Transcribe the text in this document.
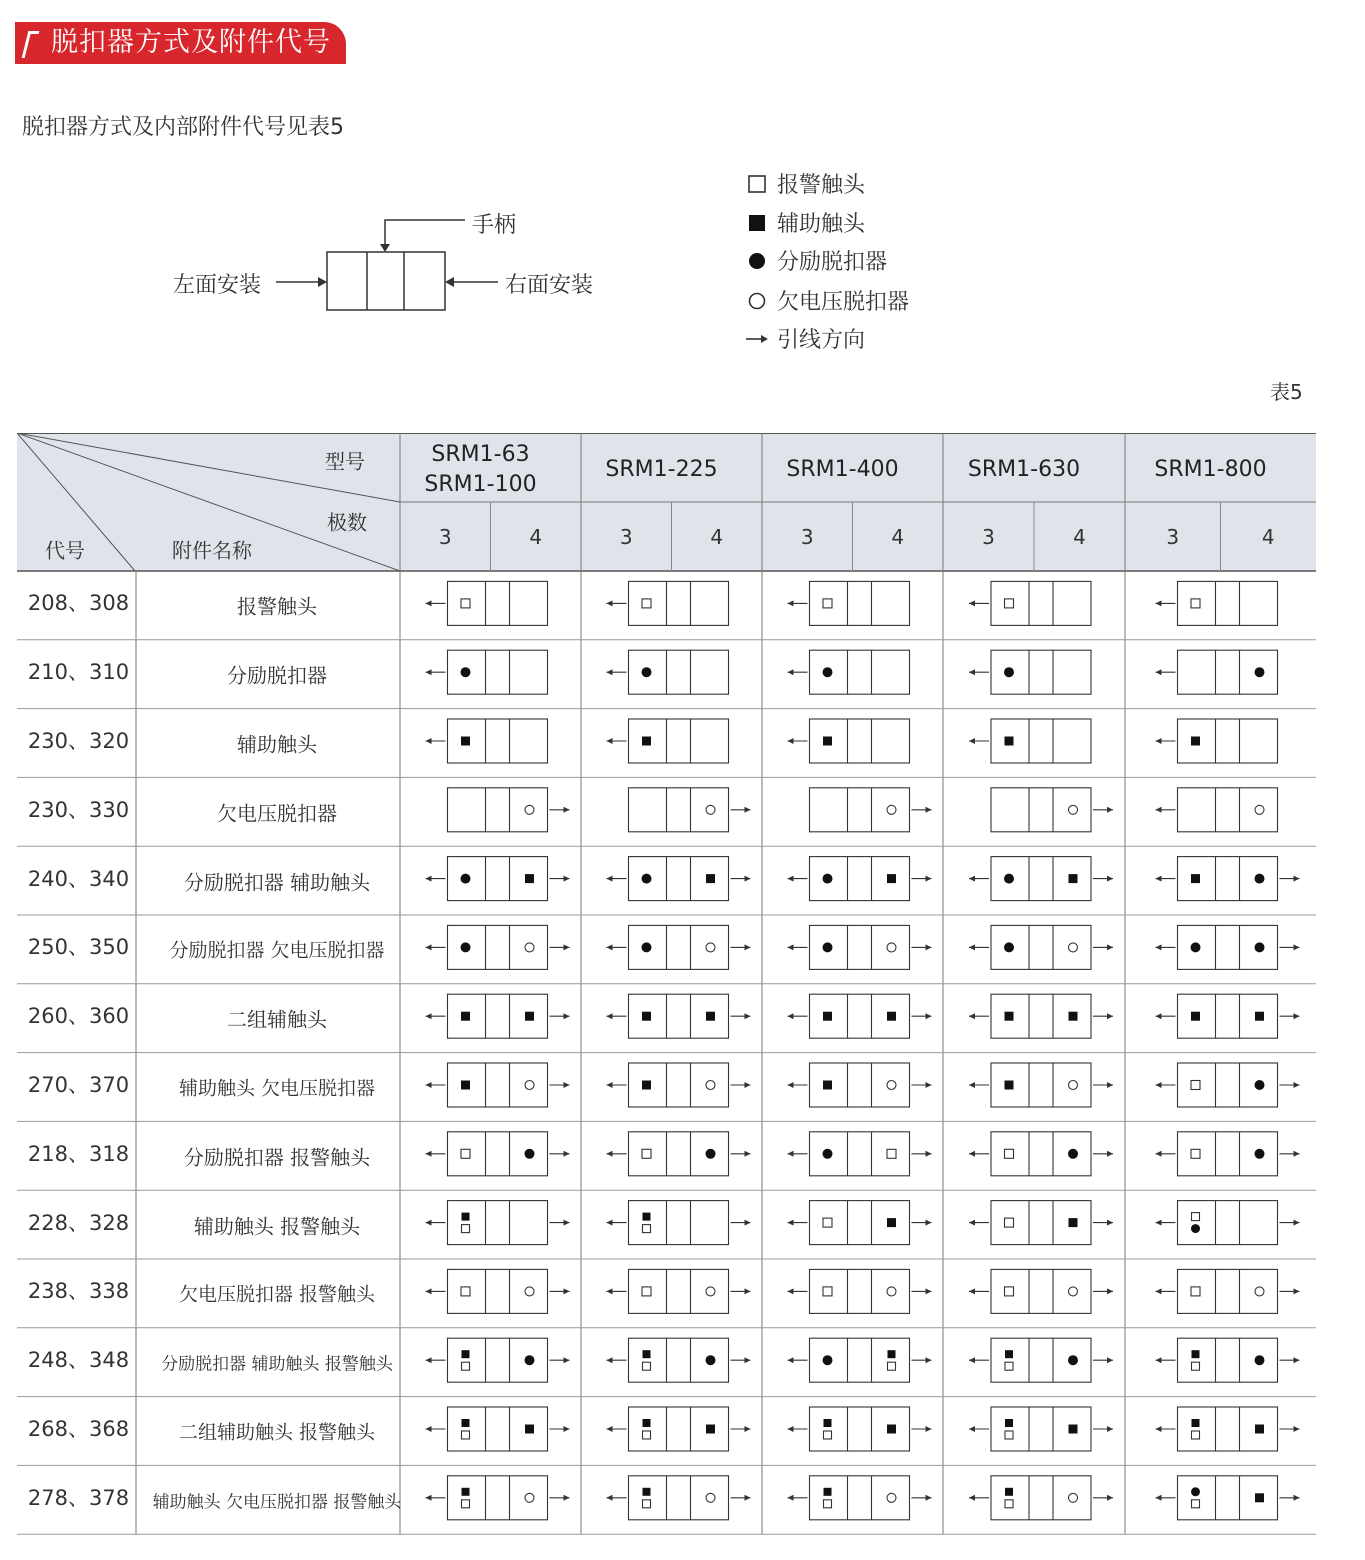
脱扣器方式及附件代号
脱扣器方式及内部附件代号见表5
手柄
左面安装	右面安装
报警触头
辅助触头
分励脱扣器
欠电压脱扣器
引线方向
表5
型号
极数
代号	附件名称
SRM1-63
SRM1-100
3	4
SRM1-225
3	4
SRM1-400
3	4
SRM1-630
3	4
SRM1-800
3	4
208、308	报警触头
210、310	分励脱扣器
230、320	辅助触头
230、330	欠电压脱扣器
240、340	分励脱扣器 辅助触头
250、350 分励脱扣器 欠电压脱扣器
260、360	二组辅触头
270、370	辅助触头 欠电压脱扣器
218、318	分励脱扣器 报警触头
228、328	辅助触头 报警触头
238、338	欠电压脱扣器 报警触头
248、348 分励脱扣器 辅助触头 报警触头
268、368	二组辅助触头 报警触头
278、378 辅助触头 欠电压脱扣器 报警触头
